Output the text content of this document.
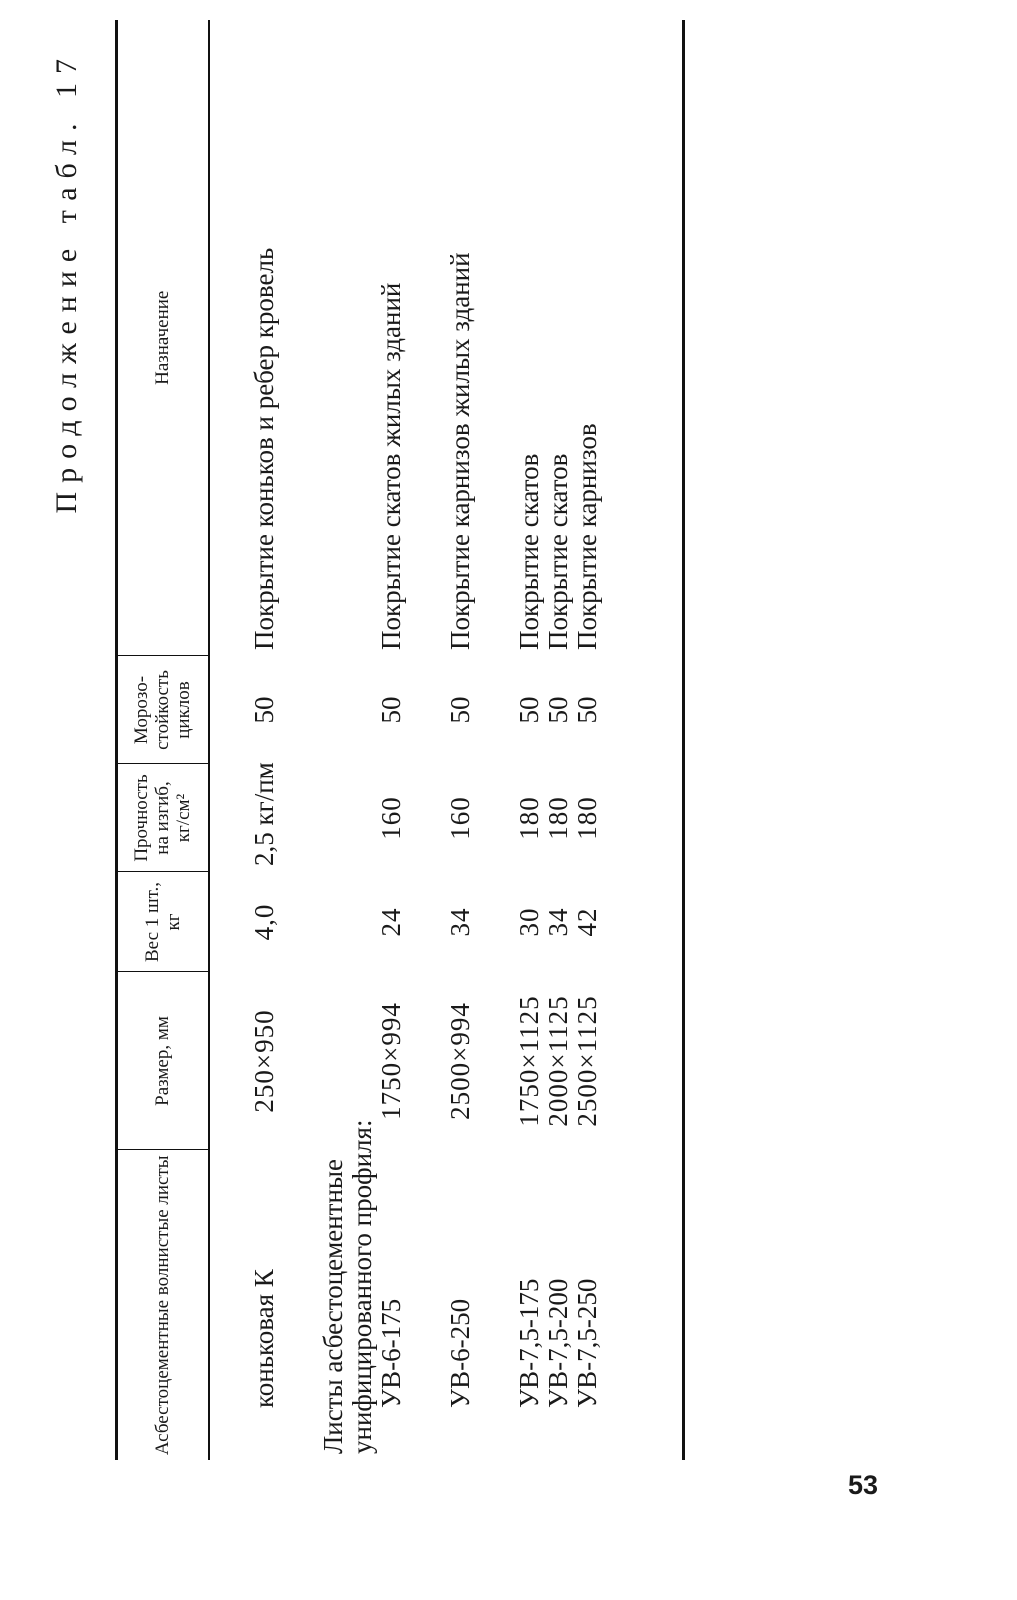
Продолжение табл. 17
Асбестоцементные волнистые листы	Размер, мм	Вес 1 шт., кг	Прочность на изгиб, кг/см²	Морозо-стойкость циклов	Назначение

коньковая К	250×950	4,0	2,5 кг/пм	50	Покрытие коньков и ребер кровель

Листы асбестоцементные унифицированного профиля:					
УВ-6-175	1750×994	24	160	50	Покрытие скатов жилых зданий

УВ-6-250	2500×994	34	160	50	Покрытие карнизов жилых зданий

УВ-7,5-175	1750×1125	30	180	50	Покрытие скатов
УВ-7,5-200	2000×1125	34	180	50	Покрытие скатов
УВ-7,5-250	2500×1125	42	180	50	Покрытие карнизов

53
